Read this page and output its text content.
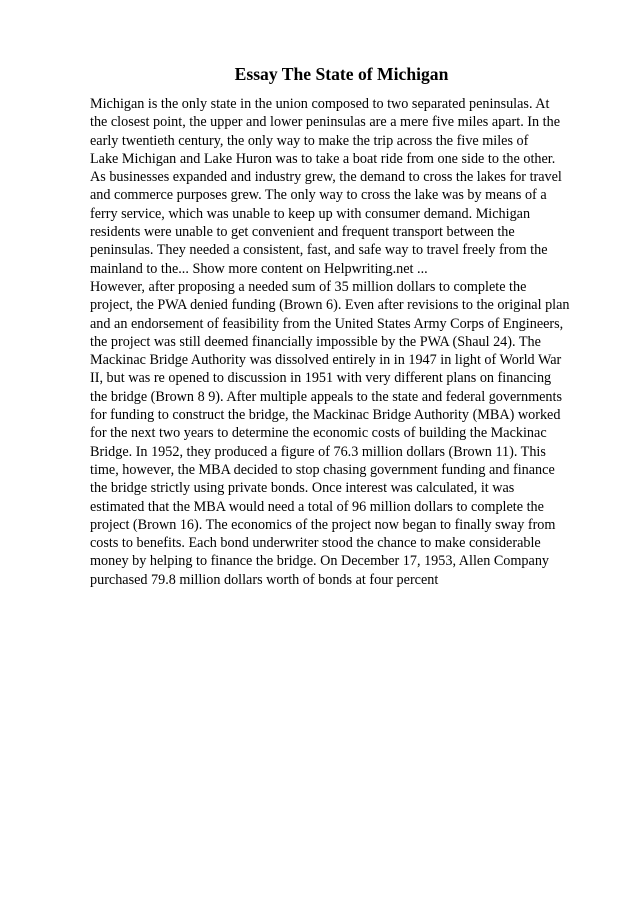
Essay The State of Michigan
Michigan is the only state in the union composed to two separated peninsulas. At
the closest point, the upper and lower peninsulas are a mere five miles apart. In the
early twentieth century, the only way to make the trip across the five miles of
Lake Michigan and Lake Huron was to take a boat ride from one side to the other.
As businesses expanded and industry grew, the demand to cross the lakes for travel
and commerce purposes grew. The only way to cross the lake was by means of a
ferry service, which was unable to keep up with consumer demand. Michigan
residents were unable to get convenient and frequent transport between the
peninsulas. They needed a consistent, fast, and safe way to travel freely from the
mainland to the... Show more content on Helpwriting.net ...
However, after proposing a needed sum of 35 million dollars to complete the
project, the PWA denied funding (Brown 6). Even after revisions to the original plan
and an endorsement of feasibility from the United States Army Corps of Engineers,
the project was still deemed financially impossible by the PWA (Shaul 24). The
Mackinac Bridge Authority was dissolved entirely in in 1947 in light of World War
II, but was re opened to discussion in 1951 with very different plans on financing
the bridge (Brown 8 9). After multiple appeals to the state and federal governments
for funding to construct the bridge, the Mackinac Bridge Authority (MBA) worked
for the next two years to determine the economic costs of building the Mackinac
Bridge. In 1952, they produced a figure of 76.3 million dollars (Brown 11). This
time, however, the MBA decided to stop chasing government funding and finance
the bridge strictly using private bonds. Once interest was calculated, it was
estimated that the MBA would need a total of 96 million dollars to complete the
project (Brown 16). The economics of the project now began to finally sway from
costs to benefits. Each bond underwriter stood the chance to make considerable
money by helping to finance the bridge. On December 17, 1953, Allen Company
purchased 79.8 million dollars worth of bonds at four percent
